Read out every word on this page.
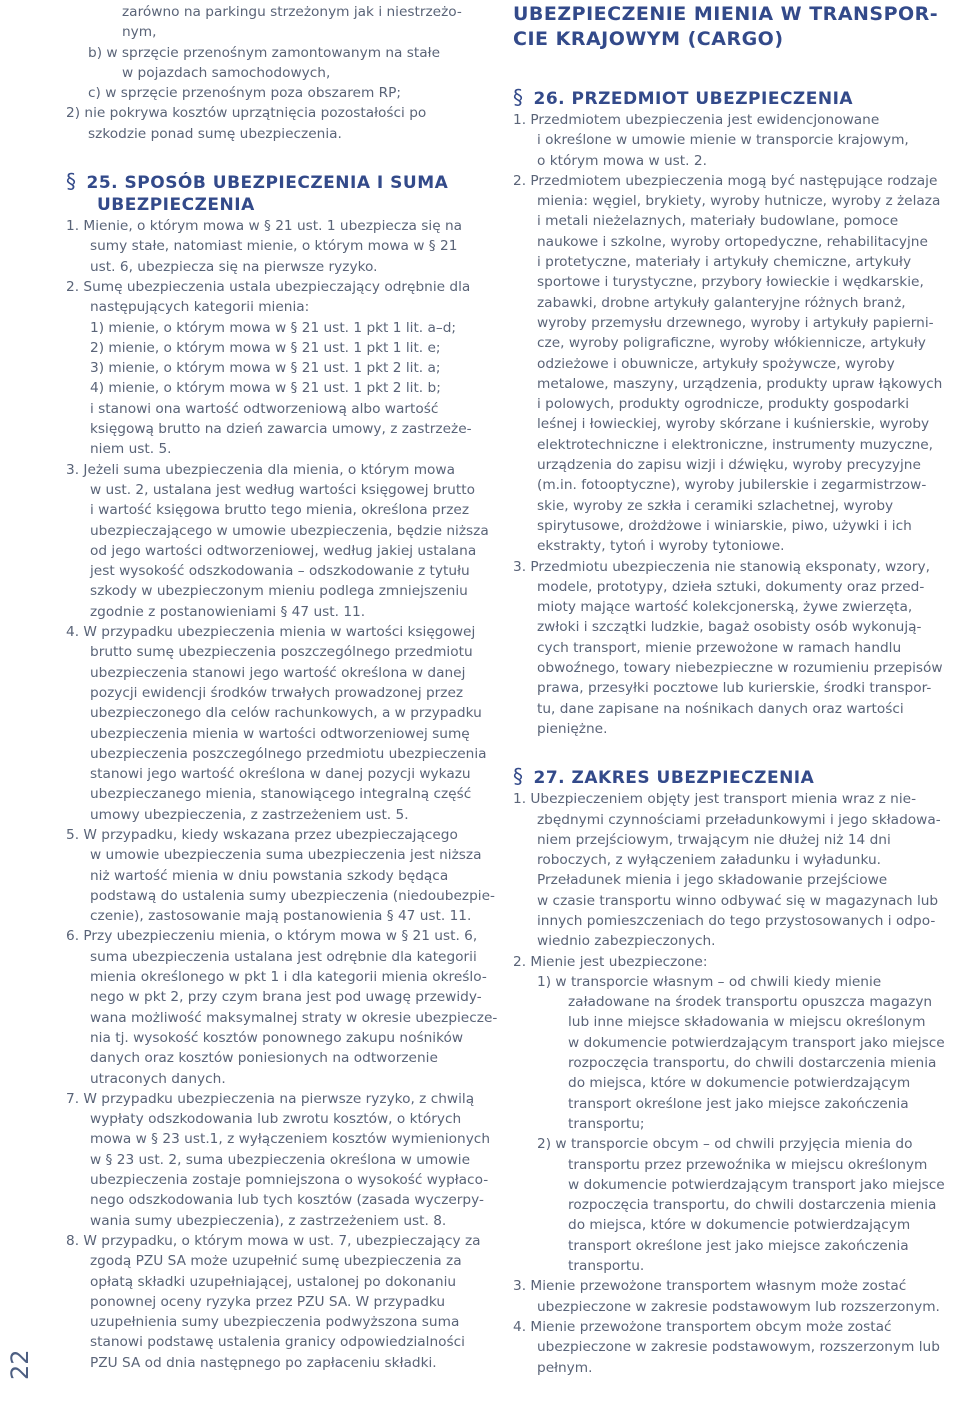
22
zarówno na parkingu strzeżonym jak i niestrzeżo-
nym,
b) w sprzęcie przenośnym zamontowanym na stałe
w pojazdach samochodowych,
c) w sprzęcie przenośnym poza obszarem RP;
2) nie pokrywa kosztów uprzątnięcia pozostałości po
szkodzie ponad sumę ubezpieczenia.
§ 25. SPOSÓB UBEZPIECZENIA I SUMA
UBEZPIECZENIA
1. Mienie, o którym mowa w § 21 ust. 1 ubezpiecza się na
sumy stałe, natomiast mienie, o którym mowa w § 21
ust. 6, ubezpiecza się na pierwsze ryzyko.
2. Sumę ubezpieczenia ustala ubezpieczający odrębnie dla
następujących kategorii mienia:
1) mienie, o którym mowa w § 21 ust. 1 pkt 1 lit. a–d;
2) mienie, o którym mowa w § 21 ust. 1 pkt 1 lit. e;
3) mienie, o którym mowa w § 21 ust. 1 pkt 2 lit. a;
4) mienie, o którym mowa w § 21 ust. 1 pkt 2 lit. b;
i stanowi ona wartość odtworzeniową albo wartość
księgową brutto na dzień zawarcia umowy, z zastrzeże-
niem ust. 5.
3. Jeżeli suma ubezpieczenia dla mienia, o którym mowa
w ust. 2, ustalana jest według wartości księgowej brutto
i wartość księgowa brutto tego mienia, określona przez
ubezpieczającego w umowie ubezpieczenia, będzie niższa
od jego wartości odtworzeniowej, według jakiej ustalana
jest wysokość odszkodowania – odszkodowanie z tytułu
szkody w ubezpieczonym mieniu podlega zmniejszeniu
zgodnie z postanowieniami § 47 ust. 11.
4. W przypadku ubezpieczenia mienia w wartości księgowej
brutto sumę ubezpieczenia poszczególnego przedmiotu
ubezpieczenia stanowi jego wartość określona w danej
pozycji ewidencji środków trwałych prowadzonej przez
ubezpieczonego dla celów rachunkowych, a w przypadku
ubezpieczenia mienia w wartości odtworzeniowej sumę
ubezpieczenia poszczególnego przedmiotu ubezpieczenia
stanowi jego wartość określona w danej pozycji wykazu
ubezpieczanego mienia, stanowiącego integralną część
umowy ubezpieczenia, z zastrzeżeniem ust. 5.
5. W przypadku, kiedy wskazana przez ubezpieczającego
w umowie ubezpieczenia suma ubezpieczenia jest niższa
niż wartość mienia w dniu powstania szkody będąca
podstawą do ustalenia sumy ubezpieczenia (niedoubezpie-
czenie), zastosowanie mają postanowienia § 47 ust. 11.
6. Przy ubezpieczeniu mienia, o którym mowa w § 21 ust. 6,
suma ubezpieczenia ustalana jest odrębnie dla kategorii
mienia określonego w pkt 1 i dla kategorii mienia określo-
nego w pkt 2, przy czym brana jest pod uwagę przewidy-
wana możliwość maksymalnej straty w okresie ubezpiecze-
nia tj. wysokość kosztów ponownego zakupu nośników
danych oraz kosztów poniesionych na odtworzenie
utraconych danych.
7. W przypadku ubezpieczenia na pierwsze ryzyko, z chwilą
wypłaty odszkodowania lub zwrotu kosztów, o których
mowa w § 23 ust.1, z wyłączeniem kosztów wymienionych
w § 23 ust. 2, suma ubezpieczenia określona w umowie
ubezpieczenia zostaje pomniejszona o wysokość wypłaco-
nego odszkodowania lub tych kosztów (zasada wyczerpy-
wania sumy ubezpieczenia), z zastrzeżeniem ust. 8.
8. W przypadku, o którym mowa w ust. 7, ubezpieczający za
zgodą PZU SA może uzupełnić sumę ubezpieczenia za
opłatą składki uzupełniającej, ustalonej po dokonaniu
ponownej oceny ryzyka przez PZU SA. W przypadku
uzupełnienia sumy ubezpieczenia podwyższona suma
stanowi podstawę ustalenia granicy odpowiedzialności
PZU SA od dnia następnego po zapłaceniu składki.
UBEZPIECZENIE MIENIA W TRANSPOR-
CIE KRAJOWYM (CARGO)
§ 26. PRZEDMIOT UBEZPIECZENIA
1. Przedmiotem ubezpieczenia jest ewidencjonowane
i określone w umowie mienie w transporcie krajowym,
o którym mowa w ust. 2.
2. Przedmiotem ubezpieczenia mogą być następujące rodzaje
mienia: węgiel, brykiety, wyroby hutnicze, wyroby z żelaza
i metali nieżelaznych, materiały budowlane, pomoce
naukowe i szkolne, wyroby ortopedyczne, rehabilitacyjne
i protetyczne, materiały i artykuły chemiczne, artykuły
sportowe i turystyczne, przybory łowieckie i wędkarskie,
zabawki, drobne artykuły galanteryjne różnych branż,
wyroby przemysłu drzewnego, wyroby i artykuły papierni-
cze, wyroby poligraficzne, wyroby włókiennicze, artykuły
odzieżowe i obuwnicze, artykuły spożywcze, wyroby
metalowe, maszyny, urządzenia, produkty upraw łąkowych
i polowych, produkty ogrodnicze, produkty gospodarki
leśnej i łowieckiej, wyroby skórzane i kuśnierskie, wyroby
elektrotechniczne i elektroniczne, instrumenty muzyczne,
urządzenia do zapisu wizji i dźwięku, wyroby precyzyjne
(m.in. fotooptyczne), wyroby jubilerskie i zegarmistrzow-
skie, wyroby ze szkła i ceramiki szlachetnej, wyroby
spirytusowe, drożdżowe i winiarskie, piwo, używki i ich
ekstrakty, tytoń i wyroby tytoniowe.
3. Przedmiotu ubezpieczenia nie stanowią eksponaty, wzory,
modele, prototypy, dzieła sztuki, dokumenty oraz przed-
mioty mające wartość kolekcjonerską, żywe zwierzęta,
zwłoki i szczątki ludzkie, bagaż osobisty osób wykonują-
cych transport, mienie przewożone w ramach handlu
obwoźnego, towary niebezpieczne w rozumieniu przepisów
prawa, przesyłki pocztowe lub kurierskie, środki transpor-
tu, dane zapisane na nośnikach danych oraz wartości
pieniężne.
§ 27. ZAKRES UBEZPIECZENIA
1. Ubezpieczeniem objęty jest transport mienia wraz z nie-
zbędnymi czynnościami przeładunkowymi i jego składowa-
niem przejściowym, trwającym nie dłużej niż 14 dni
roboczych, z wyłączeniem załadunku i wyładunku.
Przeładunek mienia i jego składowanie przejściowe
w czasie transportu winno odbywać się w magazynach lub
innych pomieszczeniach do tego przystosowanych i odpo-
wiednio zabezpieczonych.
2. Mienie jest ubezpieczone:
1) w transporcie własnym – od chwili kiedy mienie
załadowane na środek transportu opuszcza magazyn
lub inne miejsce składowania w miejscu określonym
w dokumencie potwierdzającym transport jako miejsce
rozpoczęcia transportu, do chwili dostarczenia mienia
do miejsca, które w dokumencie potwierdzającym
transport określone jest jako miejsce zakończenia
transportu;
2) w transporcie obcym – od chwili przyjęcia mienia do
transportu przez przewoźnika w miejscu określonym
w dokumencie potwierdzającym transport jako miejsce
rozpoczęcia transportu, do chwili dostarczenia mienia
do miejsca, które w dokumencie potwierdzającym
transport określone jest jako miejsce zakończenia
transportu.
3. Mienie przewożone transportem własnym może zostać
ubezpieczone w zakresie podstawowym lub rozszerzonym.
4. Mienie przewożone transportem obcym może zostać
ubezpieczone w zakresie podstawowym, rozszerzonym lub
pełnym.
